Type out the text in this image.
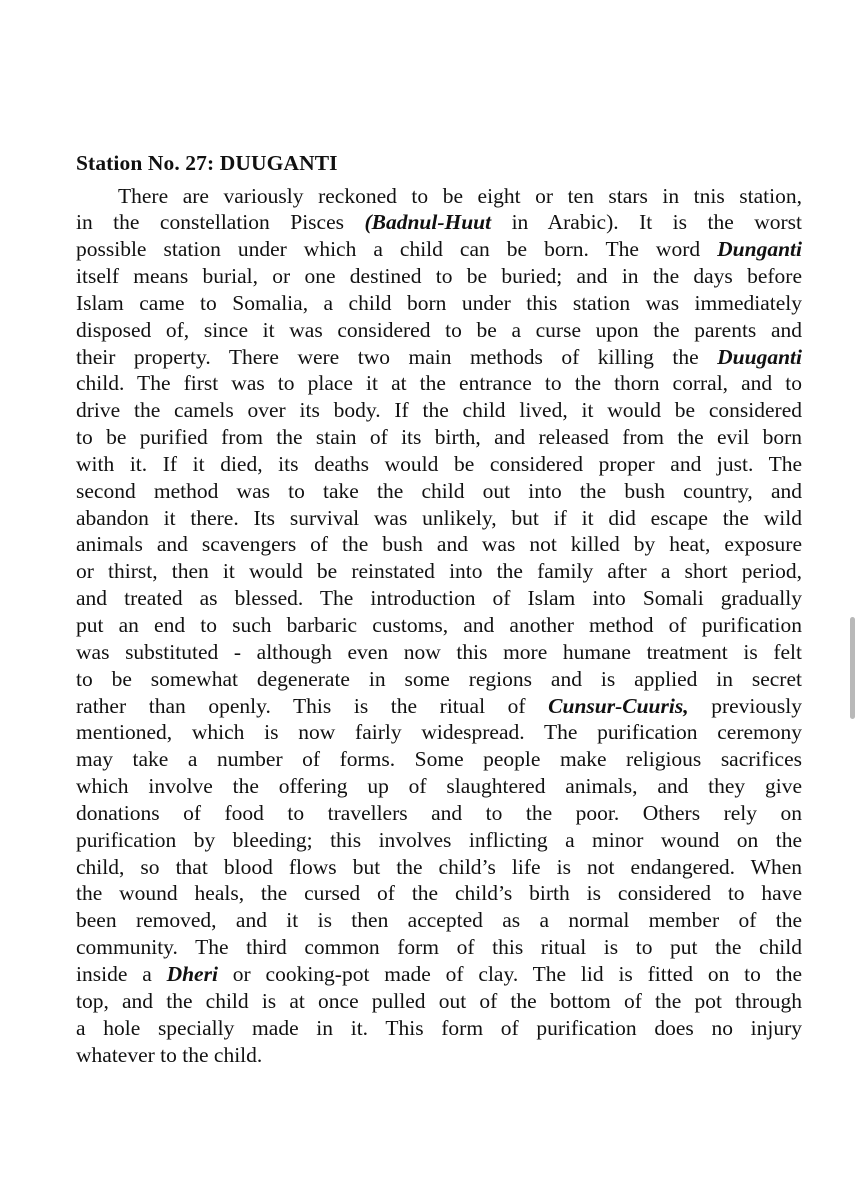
Station No. 27: DUUGANTI
There are variously reckoned to be eight or ten stars in tnis station,
in the constellation Pisces (Badnul-Huut in Arabic). It is the worst
possible station under which a child can be born. The word Dunganti
itself means burial, or one destined to be buried; and in the days before
Islam came to Somalia, a child born under this station was immediately
disposed of, since it was considered to be a curse upon the parents and
their property. There were two main methods of killing the Duuganti
child. The first was to place it at the entrance to the thorn corral, and to
drive the camels over its body. If the child lived, it would be considered
to be purified from the stain of its birth, and released from the evil born
with it. If it died, its deaths would be considered proper and just. The
second method was to take the child out into the bush country, and
abandon it there. Its survival was unlikely, but if it did escape the wild
animals and scavengers of the bush and was not killed by heat, exposure
or thirst, then it would be reinstated into the family after a short period,
and treated as blessed. The introduction of Islam into Somali gradually
put an end to such barbaric customs, and another method of purification
was substituted - although even now this more humane treatment is felt
to be somewhat degenerate in some regions and is applied in secret
rather than openly. This is the ritual of Cunsur-Cuuris, previously
mentioned, which is now fairly widespread. The purification ceremony
may take a number of forms. Some people make religious sacrifices
which involve the offering up of slaughtered animals, and they give
donations of food to travellers and to the poor. Others rely on
purification by bleeding; this involves inflicting a minor wound on the
child, so that blood flows but the child’s life is not endangered. When
the wound heals, the cursed of the child’s birth is considered to have
been removed, and it is then accepted as a normal member of the
community. The third common form of this ritual is to put the child
inside a Dheri or cooking-pot made of clay. The lid is fitted on to the
top, and the child is at once pulled out of the bottom of the pot through
a hole specially made in it. This form of purification does no injury
whatever to the child.
